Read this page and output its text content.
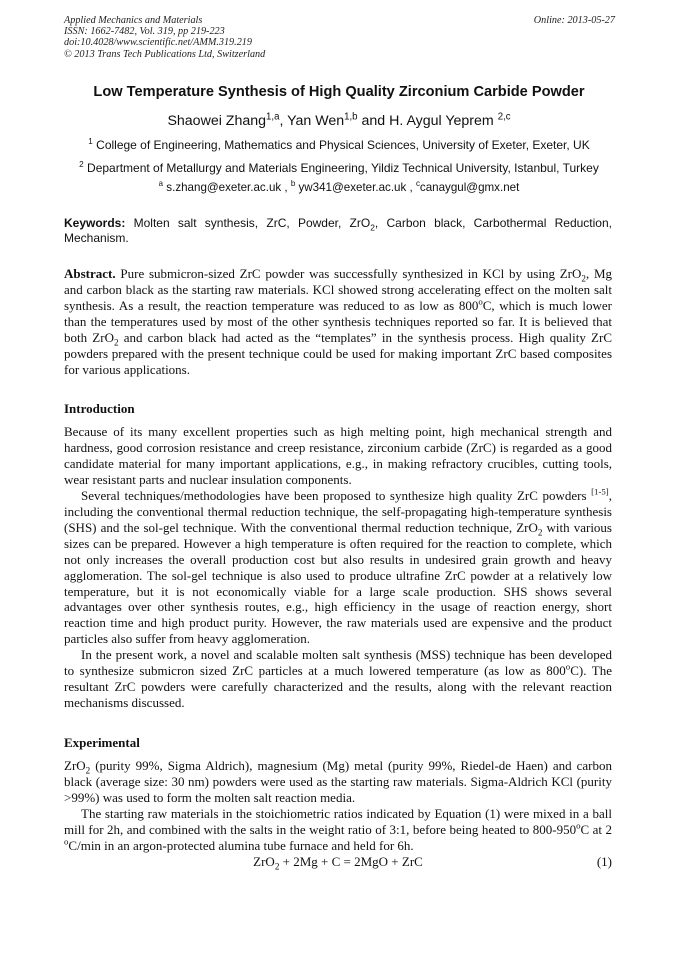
Applied Mechanics and Materials
ISSN: 1662-7482, Vol. 319, pp 219-223
doi:10.4028/www.scientific.net/AMM.319.219
© 2013 Trans Tech Publications Ltd, Switzerland
Online: 2013-05-27
Low Temperature Synthesis of High Quality Zirconium Carbide Powder
Shaowei Zhang$^{1,a}$, Yan Wen$^{1,b}$ and H. Aygul Yeprem $^{2,c}$
$^1$ College of Engineering, Mathematics and Physical Sciences, University of Exeter, Exeter, UK
$^2$ Department of Metallurgy and Materials Engineering, Yildiz Technical University, Istanbul, Turkey
$^a$ s.zhang@exeter.ac.uk , $^b$ yw341@exeter.ac.uk , $^c$canaygul@gmx.net
Keywords: Molten salt synthesis, ZrC, Powder, ZrO$_2$, Carbon black, Carbothermal Reduction, Mechanism.
Abstract. Pure submicron-sized ZrC powder was successfully synthesized in KCl by using ZrO$_2$, Mg and carbon black as the starting raw materials. KCl showed strong accelerating effect on the molten salt synthesis. As a result, the reaction temperature was reduced to as low as 800$^o$C, which is much lower than the temperatures used by most of the other synthesis techniques reported so far. It is believed that both ZrO$_2$ and carbon black had acted as the “templates” in the synthesis process. High quality ZrC powders prepared with the present technique could be used for making important ZrC based composites for various applications.
Introduction
Because of its many excellent properties such as high melting point, high mechanical strength and hardness, good corrosion resistance and creep resistance, zirconium carbide (ZrC) is regarded as a good candidate material for many important applications, e.g., in making refractory crucibles, cutting tools, wear resistant parts and nuclear insulation components.
Several techniques/methodologies have been proposed to synthesize high quality ZrC powders [1-5], including the conventional thermal reduction technique, the self-propagating high-temperature synthesis (SHS) and the sol-gel technique. With the conventional thermal reduction technique, ZrO$_2$ with various sizes can be prepared. However a high temperature is often required for the reaction to complete, which not only increases the overall production cost but also results in undesired grain growth and heavy agglomeration. The sol-gel technique is also used to produce ultrafine ZrC powder at a relatively low temperature, but it is not economically viable for a large scale production. SHS shows several advantages over other synthesis routes, e.g., high efficiency in the usage of reaction energy, short reaction time and high product purity. However, the raw materials used are expensive and the product particles also suffer from heavy agglomeration.
In the present work, a novel and scalable molten salt synthesis (MSS) technique has been developed to synthesize submicron sized ZrC particles at a much lowered temperature (as low as 800$^o$C). The resultant ZrC powders were carefully characterized and the results, along with the relevant reaction mechanisms discussed.
Experimental
ZrO$_2$ (purity 99%, Sigma Aldrich), magnesium (Mg) metal (purity 99%, Riedel-de Haen) and carbon black (average size: 30 nm) powders were used as the starting raw materials. Sigma-Aldrich KCl (purity >99%) was used to form the molten salt reaction media.
The starting raw materials in the stoichiometric ratios indicated by Equation (1) were mixed in a ball mill for 2h, and combined with the salts in the weight ratio of 3:1, before being heated to 800-950$^o$C at 2 $^o$C/min in an argon-protected alumina tube furnace and held for 6h.
ZrO$_2$ + 2Mg + C = 2MgO + ZrC	(1)
